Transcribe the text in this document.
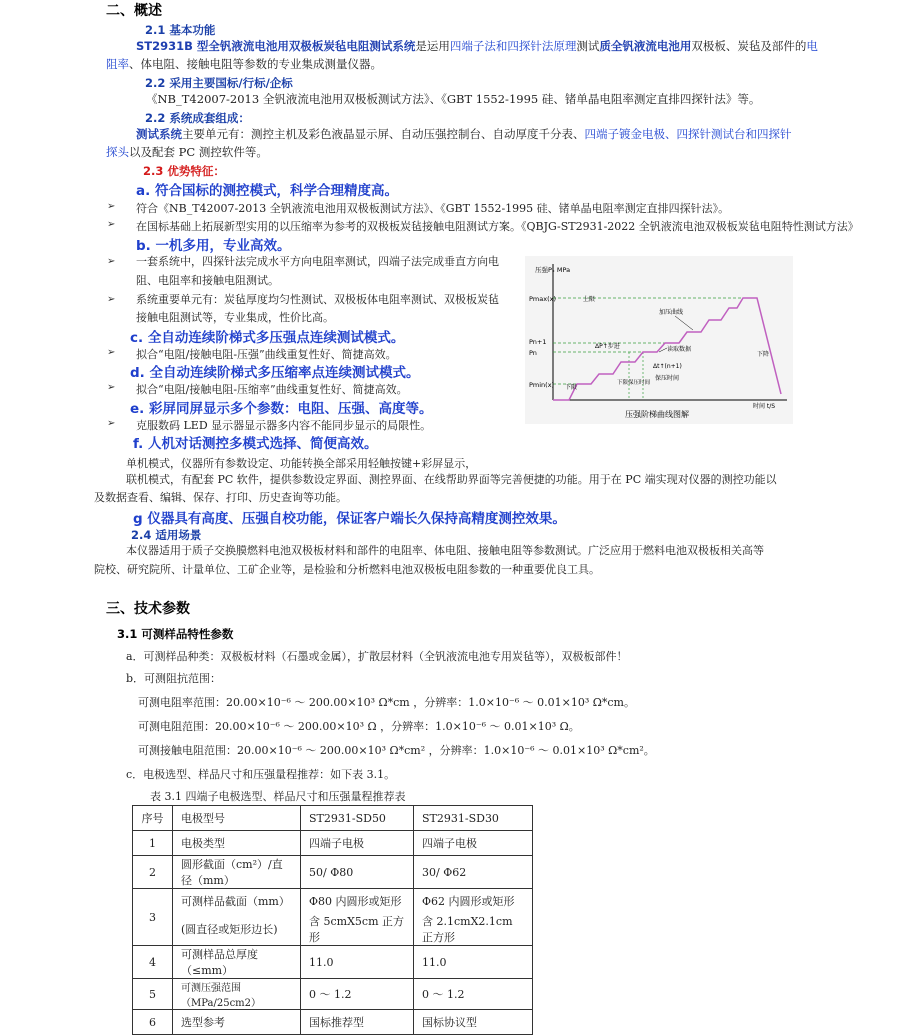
二、概述
2.1 基本功能
ST2931B 型全钒液流电池用双极板炭毡电阻测试系统是运用四端子法和四探针法原理测试质全钒液流电池用双极板、炭毡及部件的电
阻率、体电阻、接触电阻等参数的专业集成测量仪器。
2.2 采用主要国标/行标/企标
《NB_T42007-2013 全钒液流电池用双极板测试方法》、《GBT 1552-1995 硅、锗单晶电阻率测定直排四探针法》等。
2.2 系统成套组成：
测试系统主要单元有：测控主机及彩色液晶显示屏、自动压强控制台、自动厚度千分表、四端子镀金电极、四探针测试台和四探针
探头以及配套 PC 测控软件等。
2.3 优势特征：
a. 符合国标的测控模式，科学合理精度高。
➢ 符合《NB_T42007-2013 全钒液流电池用双极板测试方法》、《GBT 1552-1995 硅、锗单晶电阻率测定直排四探针法》。
➢ 在国标基础上拓展新型实用的以压缩率为参考的双极板炭毡接触电阻测试方案。《QBJG-ST2931-2022 全钒液流电池双极板炭毡电阻特性测试方法》
b. 一机多用，专业高效。
➢ 一套系统中，四探针法完成水平方向电阻率测试，四端子法完成垂直方向电
阻、电阻率和接触电阻测试。
➢ 系统重要单元有：炭毡厚度均匀性测试、双极板体电阻率测试、双极板炭毡
接触电阻测试等，专业集成，性价比高。
c. 全自动连续阶梯式多压强点连续测试模式。
➢ 拟合“电阻/接触电阻-压强”曲线重复性好、简捷高效。
d. 全自动连续阶梯式多压缩率点连续测试模式。
➢ 拟合“电阻/接触电阻-压缩率”曲线重复性好、简捷高效。
e. 彩屏同屏显示多个参数：电阻、压强、高度等。
➢ 克服数码 LED 显示器显示器多内容不能同步显示的局限性。
f. 人机对话测控多模式选择、简便高效。
单机模式，仪器所有参数设定、功能转换全部采用轻触按键+彩屏显示，
联机模式，有配套 PC 软件，提供参数设定界面、测控界面、在线帮助界面等完善便捷的功能。用于在 PC 端实现对仪器的测控功能以
及数据查看、编辑、保存、打印、历史查询等功能。
g 仪器具有高度、压强自校功能，保证客户端长久保持高精度测控效果。
2.4 适用场景
本仪器适用于质子交换膜燃料电池双极板材料和部件的电阻率、体电阻、接触电阻等参数测试。广泛应用于燃料电池双极板相关高等
院校、研究院所、计量单位、工矿企业等，是检验和分析燃料电池双极板电阻参数的一种重要优良工具。
压强Pₓ MPa
Pmax(x)
Pn+1
Pn
Pmin(x)
上限
加压曲线
ΔP↑步进	读取数据
Δt↑(n+1)
保压时间
下限
下限保压时间
下降
时间 t/S
压强阶梯曲线图解
三、技术参数
3.1 可测样品特性参数
a．可测样品种类：双极板材料（石墨或金属），扩散层材料（全钒液流电池专用炭毡等），双极板部件！
b．可测阻抗范围：
可测电阻率范围：20.00×10⁻⁶ ～ 200.00×10³ Ω*cm ，分辨率：1.0×10⁻⁶ ～ 0.01×10³ Ω*cm。
可测电阻范围：20.00×10⁻⁶ ～ 200.00×10³ Ω ，分辨率：1.0×10⁻⁶ ～ 0.01×10³ Ω。
可测接触电阻范围：20.00×10⁻⁶ ～ 200.00×10³ Ω*cm² ，分辨率：1.0×10⁻⁶ ～ 0.01×10³ Ω*cm²。
c．电极选型、样品尺寸和压强量程推荐：如下表 3.1。
表 3.1 四端子电极选型、样品尺寸和压强量程推荐表
序号	电极型号	ST2931-SD50	ST2931-SD30
1	电极类型	四端子电极	四端子电极
2	圆形截面（cm²）/直径（mm）	50/ Φ80	30/ Φ62
3	可测样品截面（mm）	Φ80 内圆形或矩形	Φ62 内圆形或矩形
	(圆直径或矩形边长)	含 5cmX5cm 正方形	含 2.1cmX2.1cm 正方形
4	可测样品总厚度（≤mm）	11.0	11.0
5	可测压强范围（MPa/25cm2）	0 ～ 1.2	0 ～ 1.2
6	选型参考	国标推荐型	国标协议型
